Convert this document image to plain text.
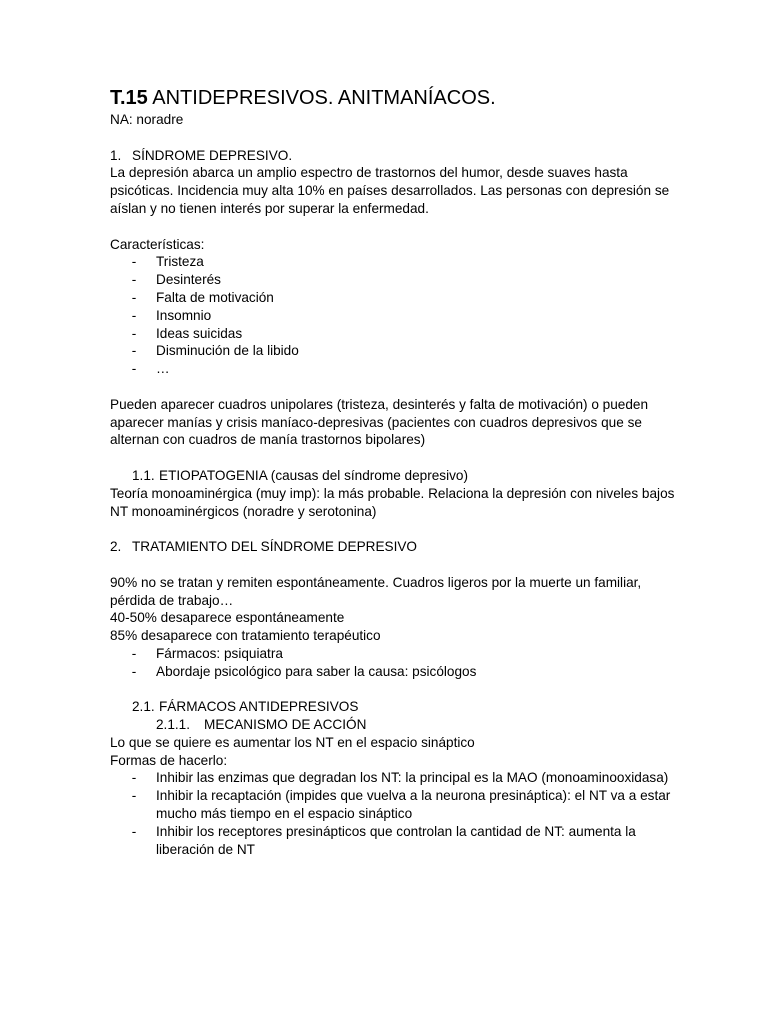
T.15 ANTIDEPRESIVOS. ANITMANÍACOS.

NA: noradre

1. SÍNDROME DEPRESIVO.

La depresión abarca un amplio espectro de trastornos del humor, desde suaves hasta psicóticas. Incidencia muy alta 10% en países desarrollados. Las personas con depresión se aíslan y no tienen interés por superar la enfermedad.

Características:

-	Tristeza
-	Desinterés
-	Falta de motivación
-	Insomnio
-	Ideas suicidas
-	Disminución de la libido
-	…

Pueden aparecer cuadros unipolares (tristeza, desinterés y falta de motivación) o pueden aparecer manías y crisis maníaco-depresivas (pacientes con cuadros depresivos que se alternan con cuadros de manía trastornos bipolares)

1.1. ETIOPATOGENIA (causas del síndrome depresivo)

Teoría monoaminérgica (muy imp): la más probable. Relaciona la depresión con niveles bajos NT monoaminérgicos (noradre y serotonina)

2. TRATAMIENTO DEL SÍNDROME DEPRESIVO

90% no se tratan y remiten espontáneamente. Cuadros ligeros por la muerte un familiar, pérdida de trabajo…

40-50% desaparece espontáneamente

85% desaparece con tratamiento terapéutico

-	Fármacos: psiquiatra
-	Abordaje psicológico para saber la causa: psicólogos
2.1. FÁRMACOS ANTIDEPRESIVOS
2.1.1.	MECANISMO DE ACCIÓN

Lo que se quiere es aumentar los NT en el espacio sináptico

Formas de hacerlo:

-	Inhibir las enzimas que degradan los NT: la principal es la MAO (monoaminooxidasa)
-	Inhibir la recaptación (impides que vuelva a la neurona presináptica): el NT va a estar mucho más tiempo en el espacio sináptico
-	Inhibir los receptores presinápticos que controlan la cantidad de NT: aumenta la liberación de NT
